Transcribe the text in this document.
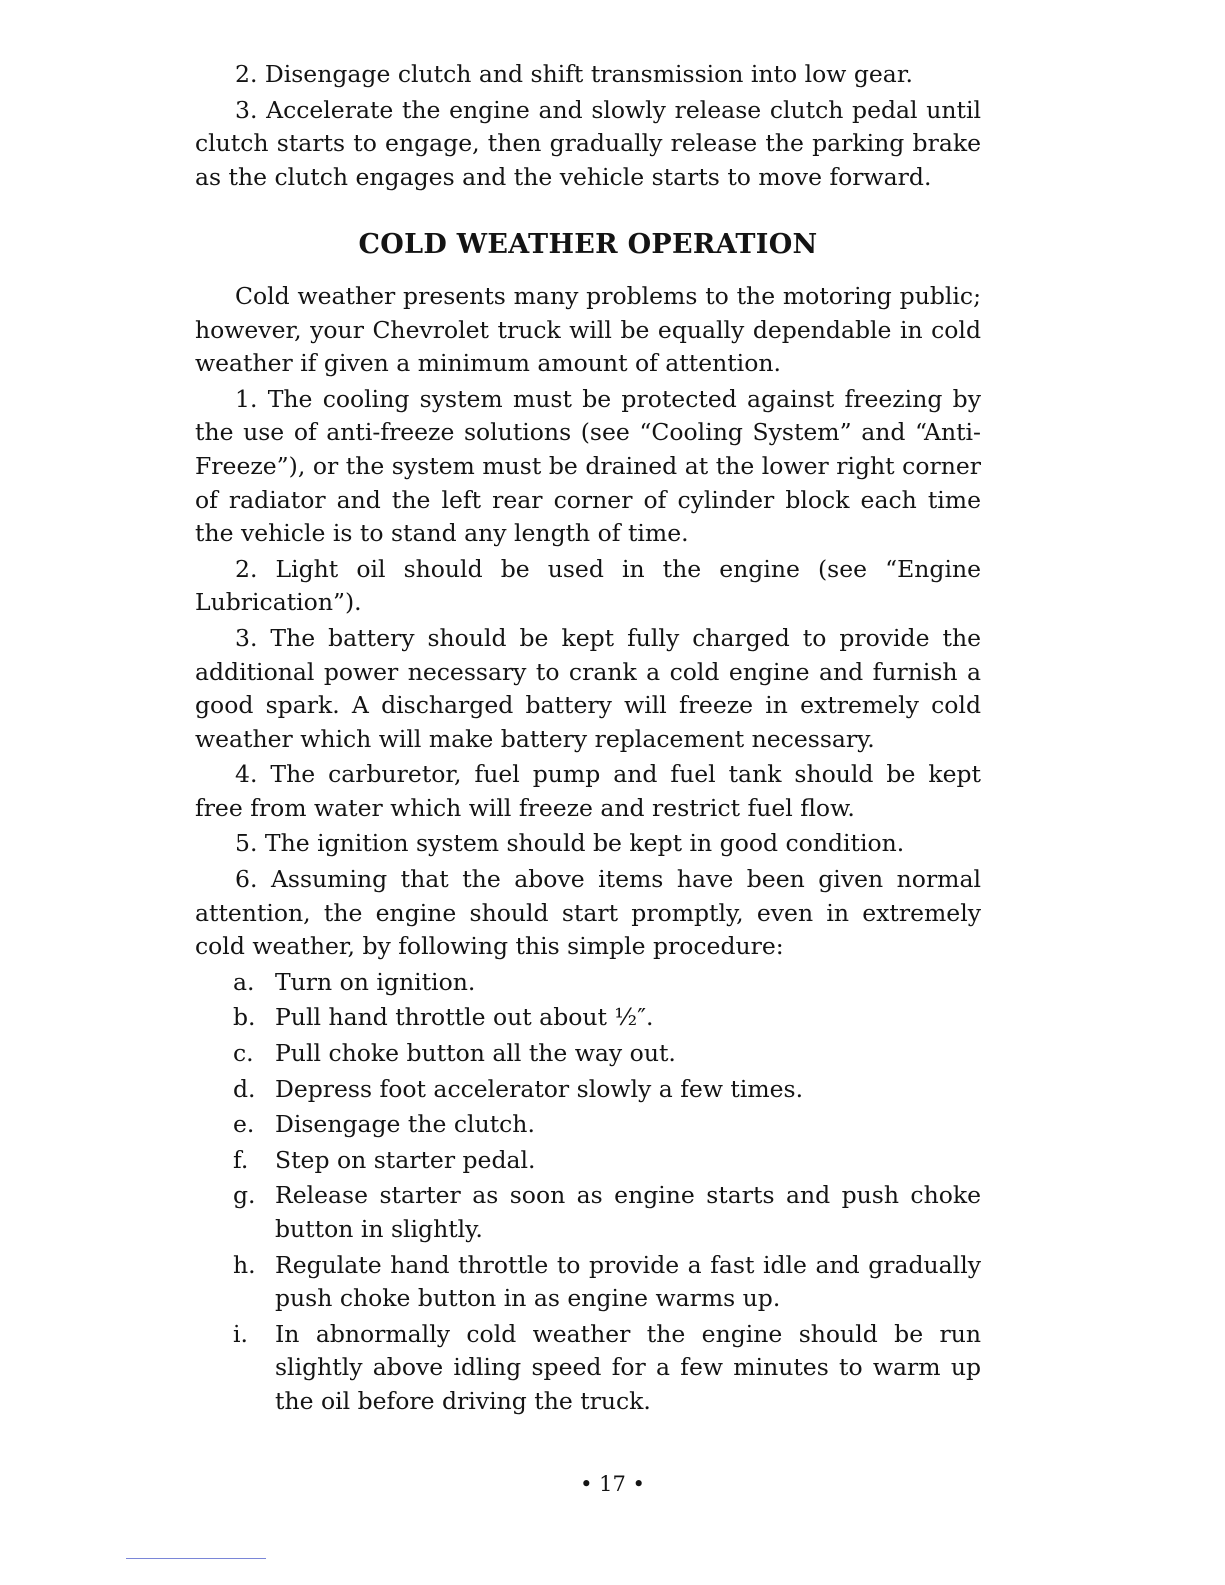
2. Disengage clutch and shift transmission into low gear.

3. Accelerate the engine and slowly release clutch pedal until clutch starts to engage, then gradually release the parking brake as the clutch engages and the vehicle starts to move forward.

COLD WEATHER OPERATION

Cold weather presents many problems to the motoring public; however, your Chevrolet truck will be equally dependable in cold weather if given a minimum amount of attention.

1. The cooling system must be protected against freezing by the use of anti-freeze solutions (see “Cooling System” and “Anti-Freeze”), or the system must be drained at the lower right corner of radiator and the left rear corner of cylinder block each time the vehicle is to stand any length of time.

2. Light oil should be used in the engine (see “Engine Lubrication”).

3. The battery should be kept fully charged to provide the additional power necessary to crank a cold engine and furnish a good spark. A discharged battery will freeze in extremely cold weather which will make battery replacement necessary.

4. The carburetor, fuel pump and fuel tank should be kept free from water which will freeze and restrict fuel flow.

5. The ignition system should be kept in good condition.

6. Assuming that the above items have been given normal attention, the engine should start promptly, even in extremely cold weather, by following this simple procedure:

a. Turn on ignition.
b. Pull hand throttle out about ½″.
c. Pull choke button all the way out.
d. Depress foot accelerator slowly a few times.
e. Disengage the clutch.
f.	Step on starter pedal.
g. Release starter as soon as engine starts and push choke button in slightly.
h. Regulate hand throttle to provide a fast idle and gradually push choke button in as engine warms up.
i.	In abnormally cold weather the engine should be run slightly above idling speed for a few minutes to warm up the oil before driving the truck.
• 17 •
